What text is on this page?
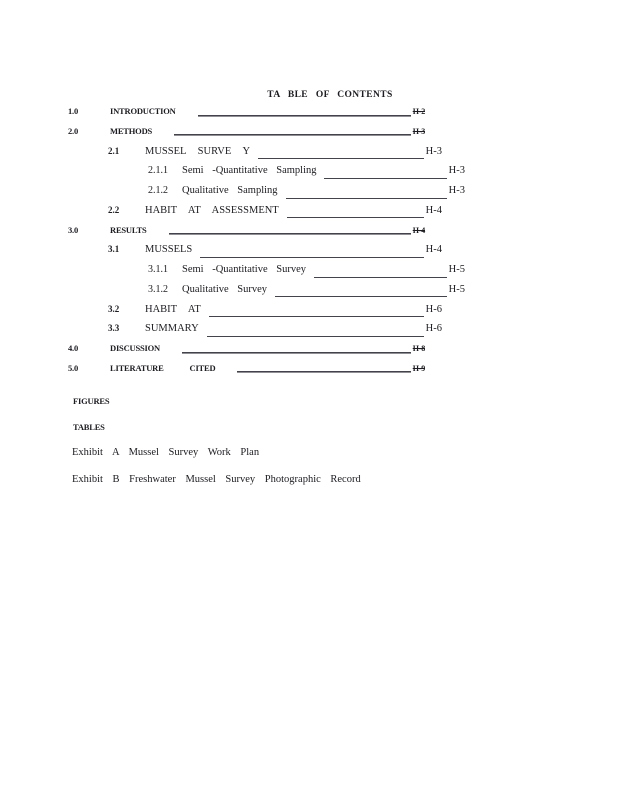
TA BLE OF CONTENTS
1.0	INTRODUCTION	H-2
2.0	METHODS	H-3
2.1	MUSSEL SURVE Y	H-3
2.1.1	Semi -Quantitative Sampling	H-3
2.1.2	Qualitative Sampling	H-3
2.2	HABIT AT ASSESSMENT	H-4
3.0	RESULTS	H-4
3.1	MUSSELS	H-4
3.1.1	Semi -Quantitative Survey	H-5
3.1.2	Qualitative Survey	H-5
3.2	HABIT AT	H-6
3.3	SUMMARY	H-6
4.0	DISCUSSION	H-8
5.0	LITERATURE CITED	H-9
FIGURES
TABLES
Exhibit A Mussel Survey Work Plan
Exhibit B Freshwater Mussel Survey Photographic Record
